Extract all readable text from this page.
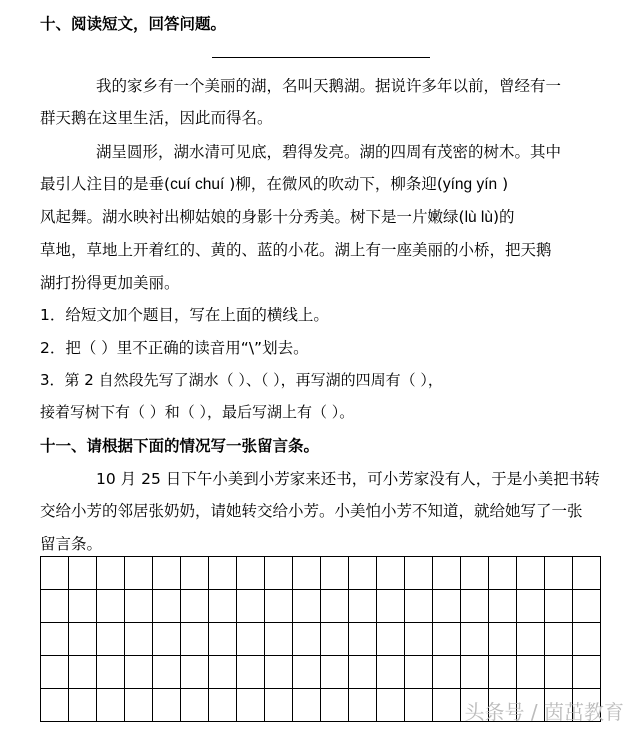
十、阅读短文，回答问题。
我的家乡有一个美丽的湖，名叫天鹅湖。据说许多年以前，曾经有一
群天鹅在这里生活，因此而得名。
湖呈圆形，湖水清可见底，碧得发亮。湖的四周有茂密的树木。其中
最引人注目的是垂(cuí chuí )柳，在微风的吹动下，柳条迎(yíng yín )
风起舞。湖水映衬出柳姑娘的身影十分秀美。树下是一片嫩绿(lù lù)的
草地，草地上开着红的、黄的、蓝的小花。湖上有一座美丽的小桥，把天鹅
湖打扮得更加美丽。
1．给短文加个题目，写在上面的横线上。
2．把（ ）里不正确的读音用“\”划去。
3．第 2 自然段先写了湖水（ ）、（ ），再写湖的四周有（ ），
接着写树下有（ ）和（ ），最后写湖上有（ ）。
十一、请根据下面的情况写一张留言条。
10 月 25 日下午小美到小芳家来还书，可小芳家没有人，于是小美把书转
交给小芳的邻居张奶奶，请她转交给小芳。小美怕小芳不知道，就给她写了一张
留言条。
头条号 / 茵茁教育
